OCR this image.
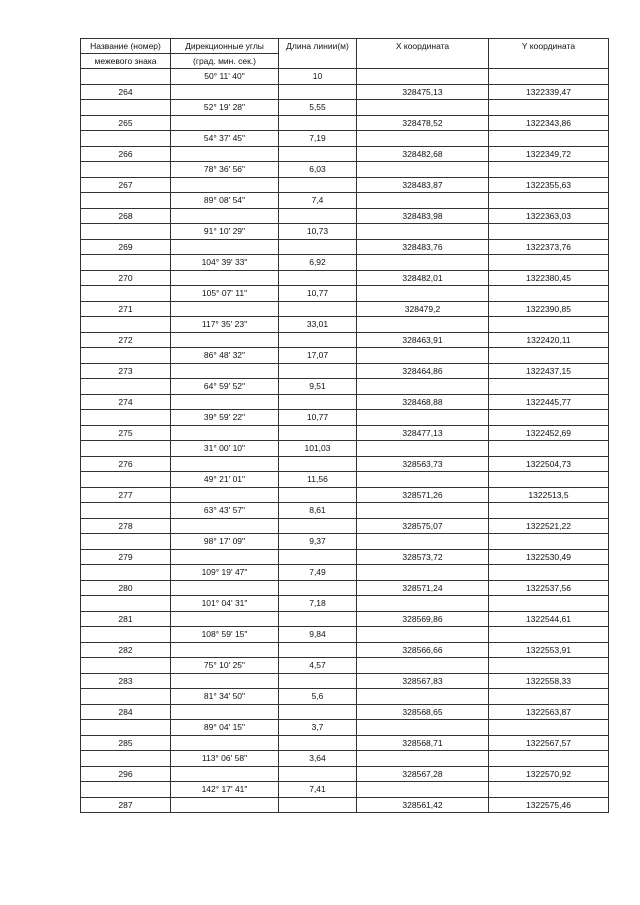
Название (номер)	Дирекционные углы	Длина линии(м)	X координата	Y координата
межевого знака	(град. мин. сек.)			
	50° 11' 40"	10		
264			328475,13	1322339,47
	52° 19' 28"	5,55		
265			328478,52	1322343,86
	54° 37' 45"	7,19		
266			328482,68	1322349,72
	78° 36' 56"	6,03		
267			328483,87	1322355,63
	89° 08' 54"	7,4		
268			328483,98	1322363,03
	91° 10' 29"	10,73		
269			328483,76	1322373,76
	104° 39' 33"	6,92		
270			328482,01	1322380,45
	105° 07' 11"	10,77		
271			328479,2	1322390,85
	117° 35' 23"	33,01		
272			328463,91	1322420,11
	86° 48' 32"	17,07		
273			328464,86	1322437,15
	64° 59' 52"	9,51		
274			328468,88	1322445,77
	39° 59' 22"	10,77		
275			328477,13	1322452,69
	31° 00' 10"	101,03		
276			328563,73	1322504,73
	49° 21' 01"	11,56		
277			328571,26	1322513,5
	63° 43' 57"	8,61		
278			328575,07	1322521,22
	98° 17' 09"	9,37		
279			328573,72	1322530,49
	109° 19' 47"	7,49		
280			328571,24	1322537,56
	101° 04' 31"	7,18		
281			328569,86	1322544,61
	108° 59' 15"	9,84		
282			328566,66	1322553,91
	75° 10' 25"	4,57		
283			328567,83	1322558,33
	81° 34' 50"	5,6		
284			328568,65	1322563,87
	89° 04' 15"	3,7		
285			328568,71	1322567,57
	113° 06' 58"	3,64		
296			328567,28	1322570,92
	142° 17' 41"	7,41		
287			328561,42	1322575,46
